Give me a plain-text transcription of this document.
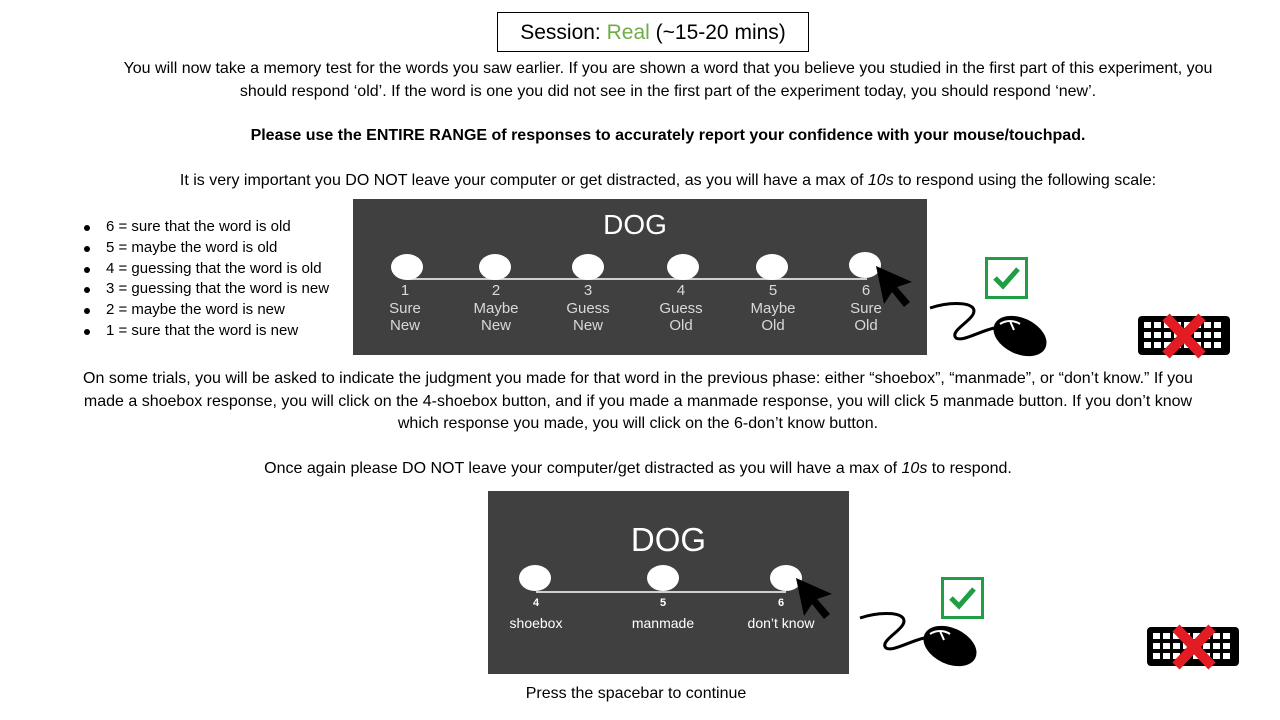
Session: Real (~15-20 mins)
You will now take a memory test for the words you saw earlier. If you are shown a word that you believe you studied in the first part of this experiment, you should respond ‘old’. If the word is one you did not see in the first part of the experiment today, you should respond ‘new’.
Please use the ENTIRE RANGE of responses to accurately report your confidence with your mouse/touchpad.
It is very important you DO NOT leave your computer or get distracted, as you will have a max of 10s to respond using the following scale:
6 = sure that the word is old
5 = maybe the word is old
4 = guessing that the word is old
3 = guessing that the word is new
2 = maybe the word is new
1 = sure that the word is new
DOG
1
Sure
New
2
Maybe
New
3
Guess
New
4
Guess
Old
5
Maybe
Old
6
Sure
Old
On some trials, you will be asked to indicate the judgment you made for that word in the previous phase: either “shoebox”, “manmade”, or “don’t know.” If you made a shoebox response, you will click on the 4-shoebox button, and if you made a manmade response, you will click 5 manmade button. If you don’t know which response you made, you will click on the 6-don’t know button.
Once again please DO NOT leave your computer/get distracted as you will have a max of 10s to respond.
DOG
4
shoebox
5
manmade
6
don’t know
Press the spacebar to continue
